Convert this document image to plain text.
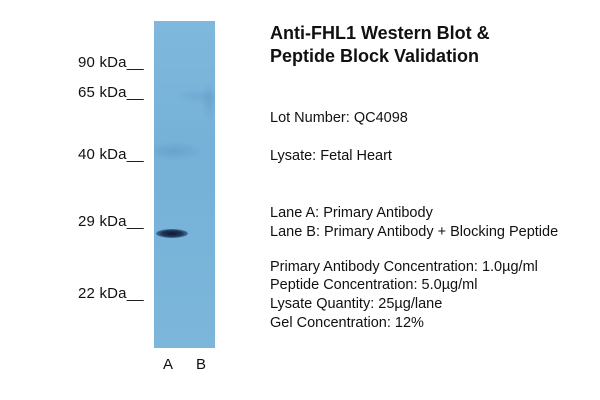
90 kDa__
65 kDa__
40 kDa__
29 kDa__
22 kDa__
A B
Anti-FHL1 Western Blot &
Peptide Block Validation
Lot Number: QC4098
Lysate: Fetal Heart
Lane A: Primary Antibody
Lane B: Primary Antibody + Blocking Peptide
Primary Antibody Concentration: 1.0µg/ml
Peptide Concentration: 5.0µg/ml
Lysate Quantity: 25µg/lane
Gel Concentration: 12%
